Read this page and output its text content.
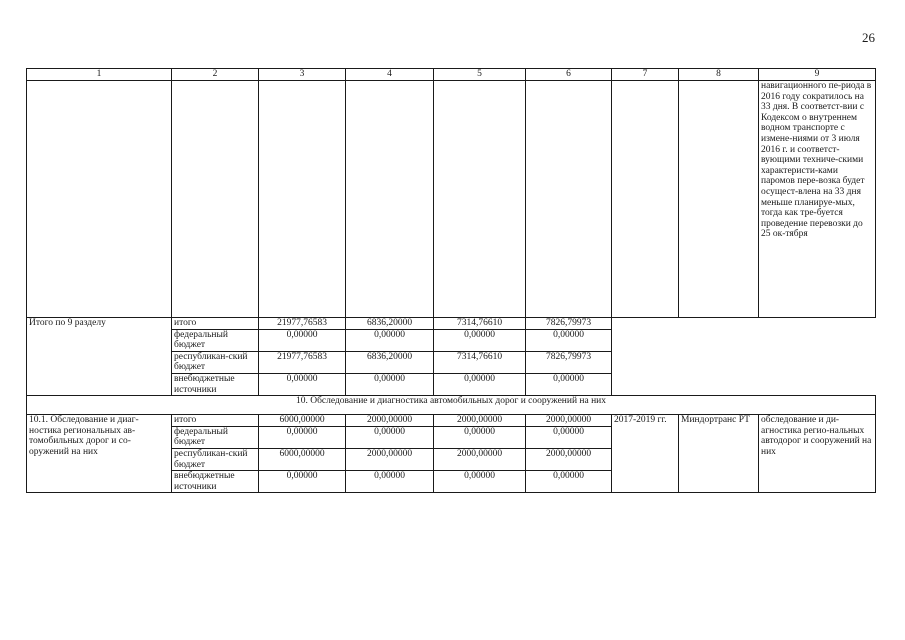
26
1	2	3	4	5	6	7	8	9
								навигационного пе-риода в 2016 году сократилось на 33 дня. В соответст-вии с Кодексом о внутреннем водном транспорте с измене-ниями от 3 июля 2016 г. и соответст-вующими техниче-скими характеристи-ками паромов пере-возка будет осущест-влена на 33 дня меньше планируе-мых, тогда как тре-буется проведение перевозки до 25 ок-тября
Итого по 9 разделу	итого	21977,76583	6836,20000	7314,76610	7826,79973			
	федеральный бюджет	0,00000	0,00000	0,00000	0,00000			
	республикан-ский бюджет	21977,76583	6836,20000	7314,76610	7826,79973			
	внебюджетные источники	0,00000	0,00000	0,00000	0,00000			
10. Обследование и диагностика автомобильных дорог и сооружений на них								
10.1. Обследование и диаг-ностика региональных ав-томобильных дорог и со-оружений на них	итого	6000,00000	2000,00000	2000,00000	2000,00000	2017-2019 гг.	Миндортранс РТ	обследование и ди-агностика регио-нальных автодорог и сооружений на них
	федеральный бюджет	0,00000	0,00000	0,00000	0,00000			
	республикан-ский бюджет	6000,00000	2000,00000	2000,00000	2000,00000			
	внебюджетные источники	0,00000	0,00000	0,00000	0,00000			
